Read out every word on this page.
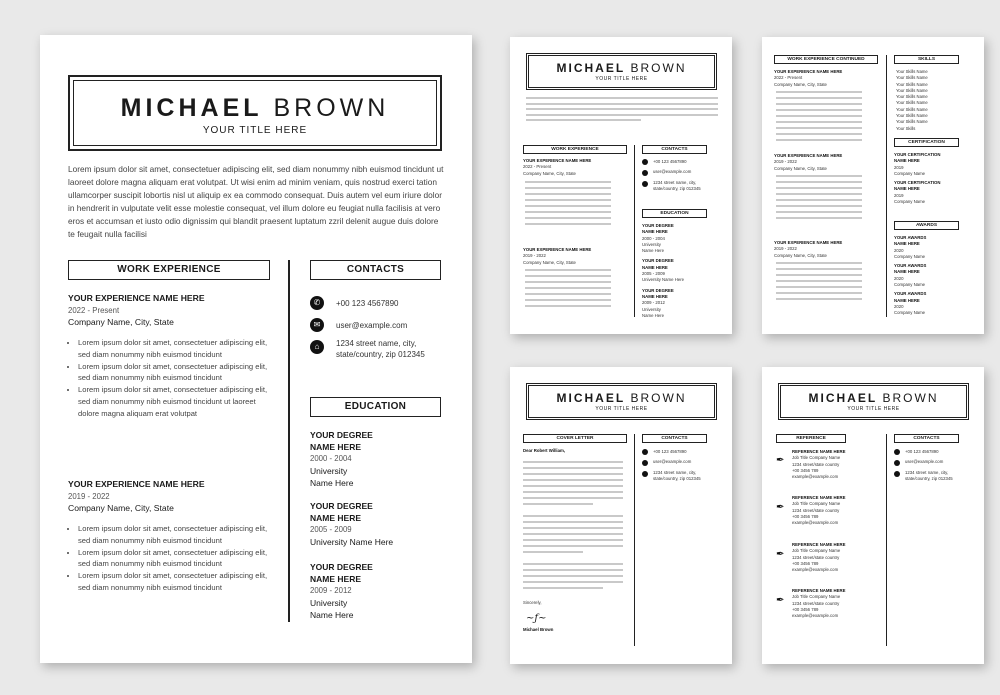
MICHAEL BROWN
YOUR TITLE HERE
Lorem ipsum dolor sit amet, consectetuer adipiscing elit, sed diam nonummy nibh euismod tincidunt ut laoreet dolore magna aliquam erat volutpat. Ut wisi enim ad minim veniam, quis nostrud exerci tation ullamcorper suscipit lobortis nisl ut aliquip ex ea commodo consequat. Duis autem vel eum iriure dolor in hendrerit in vulputate velit esse molestie consequat, vel illum dolore eu feugiat nulla facilisis at vero eros et accumsan et iusto odio dignissim qui blandit praesent luptatum zzril delenit augue duis dolore te feugait nulla facilisi
WORK EXPERIENCE	CONTACTS
YOUR EXPERIENCE NAME HERE
2022 - Present
Company Name, City, State
• Lorem ipsum dolor sit amet, consectetuer adipiscing elit, sed diam nonummy nibh euismod tincidunt
• Lorem ipsum dolor sit amet, consectetuer adipiscing elit, sed diam nonummy nibh euismod tincidunt
• Lorem ipsum dolor sit amet, consectetuer adipiscing elit, sed diam nonummy nibh euismod tincidunt ut laoreet dolore magna aliquam erat volutpat
YOUR EXPERIENCE NAME HERE
2019 - 2022
Company Name, City, State
• Lorem ipsum dolor sit amet, consectetuer adipiscing elit, sed diam nonummy nibh euismod tincidunt
• Lorem ipsum dolor sit amet, consectetuer adipiscing elit, sed diam nonummy nibh euismod tincidunt
• Lorem ipsum dolor sit amet, consectetuer adipiscing elit, sed diam nonummy nibh euismod tincidunt
✆	+00 123 4567890
✉	user@example.com
⌂	1234 street name, city,
state/country, zip 012345
EDUCATION
YOUR DEGREE
NAME HERE
2000 - 2004
University
Name Here
YOUR DEGREE
NAME HERE
2005 - 2009
University Name Here
YOUR DEGREE
NAME HERE
2009 - 2012
University
Name Here
MICHAEL BROWN
YOUR TITLE HERE
WORK EXPERIENCE	CONTACTS
YOUR EXPERIENCE NAME HERE
2022 - Present
Company Name, City, State
YOUR EXPERIENCE NAME HERE
2019 - 2022
Company Name, City, State
+00 123 4567890
user@example.com
1234 street name, city,
state/country, zip 012345
EDUCATION
YOUR DEGREE
NAME HERE
2000 - 2004
University
Name Here
YOUR DEGREE
NAME HERE
2005 - 2009
University Name Here
YOUR DEGREE
NAME HERE
2009 - 2012
University
Name Here
WORK EXPERIENCE CONTINUED	SKILLS
YOUR EXPERIENCE NAME HERE
2022 - Present
Company Name, City, State
YOUR EXPERIENCE NAME HERE
2019 - 2022
Company Name, City, State
YOUR EXPERIENCE NAME HERE
2019 - 2022
Company Name, City, State
Your Skills Name
Your Skills Name
Your Skills Name
Your Skills Name
Your Skills Name
Your Skills Name
Your Skills Name
Your Skills Name
Your Skills Name
Your Skills
CERTIFICATION
YOUR CERTIFICATION
NAME HERE
2019
Company Name
YOUR CERTIFICATION
NAME HERE
2019
Company Name
AWARDS
YOUR AWARDS
NAME HERE
2020
Company Name
YOUR AWARDS
NAME HERE
2020
Company Name
YOUR AWARDS
NAME HERE
2020
Company Name
MICHAEL BROWN
YOUR TITLE HERE
COVER LETTER	CONTACTS
Dear Robert William,
Sincerely,
~ƒ~
Michael Brown
+00 123 4567890
user@example.com
1234 street name, city,
state/country, zip 012345
MICHAEL BROWN
YOUR TITLE HERE
REFERENCE	CONTACTS
✒
REFERENCE NAME HERE
Job Title Company Name
1234 street/state country
+00 3456 789
example@example.com
✒
REFERENCE NAME HERE
Job Title Company Name
1234 street/state country
+00 3456 789
example@example.com
✒
REFERENCE NAME HERE
Job Title Company Name
1234 street/state country
+00 3456 789
example@example.com
✒
REFERENCE NAME HERE
Job Title Company Name
1234 street/state country
+00 3456 789
example@example.com
+00 123 4567890
user@example.com
1234 street name, city,
state/country, zip 012345
